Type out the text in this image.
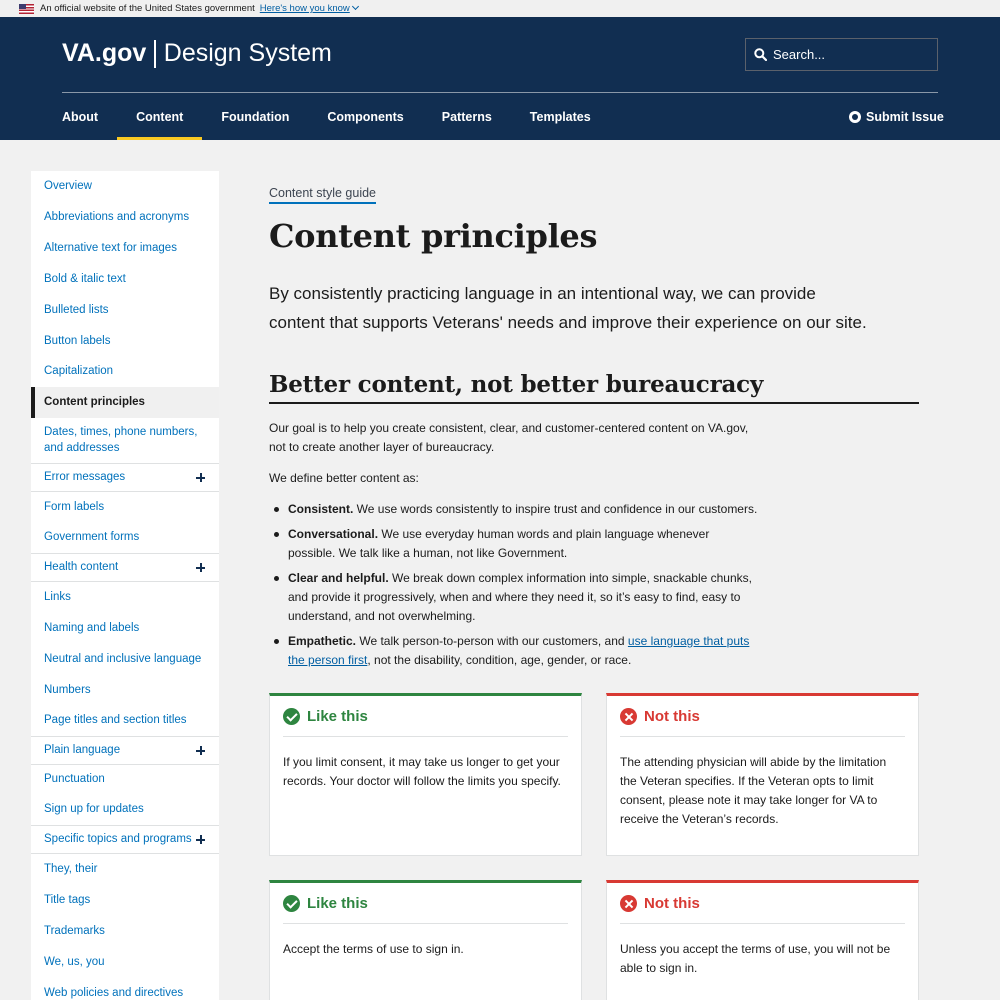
An official website of the United States government Here's how you know
VA.gov Design System
Search...
About	Content	Foundation	Components	Patterns	Templates	Submit Issue
Overview
Abbreviations and acronyms
Alternative text for images
Bold & italic text
Bulleted lists
Button labels
Capitalization
Content principles
Dates, times, phone numbers, and addresses
Error messages
Form labels
Government forms
Health content
Links
Naming and labels
Neutral and inclusive language
Numbers
Page titles and section titles
Plain language
Punctuation
Sign up for updates
Specific topics and programs
They, their
Title tags
Trademarks
We, us, you
Web policies and directives
Content style guide
Content principles

By consistently practicing language in an intentional way, we can provide content that supports Veterans' needs and improve their experience on our site.

Better content, not better bureaucracy

Our goal is to help you create consistent, clear, and customer-centered content on VA.gov, not to create another layer of bureaucracy.

We define better content as:

Consistent. We use words consistently to inspire trust and confidence in our customers.
Conversational. We use everyday human words and plain language whenever possible. We talk like a human, not like Government.
Clear and helpful. We break down complex information into simple, snackable chunks, and provide it progressively, when and where they need it, so it’s easy to find, easy to understand, and not overwhelming.
Empathetic. We talk person-to-person with our customers, and use language that puts the person first, not the disability, condition, age, gender, or race.
Like this
If you limit consent, it may take us longer to get your records. Your doctor will follow the limits you specify.
Not this
The attending physician will abide by the limitation the Veteran specifies. If the Veteran opts to limit consent, please note it may take longer for VA to receive the Veteran’s records.
Like this
Accept the terms of use to sign in.
Not this
Unless you accept the terms of use, you will not be able to sign in.
